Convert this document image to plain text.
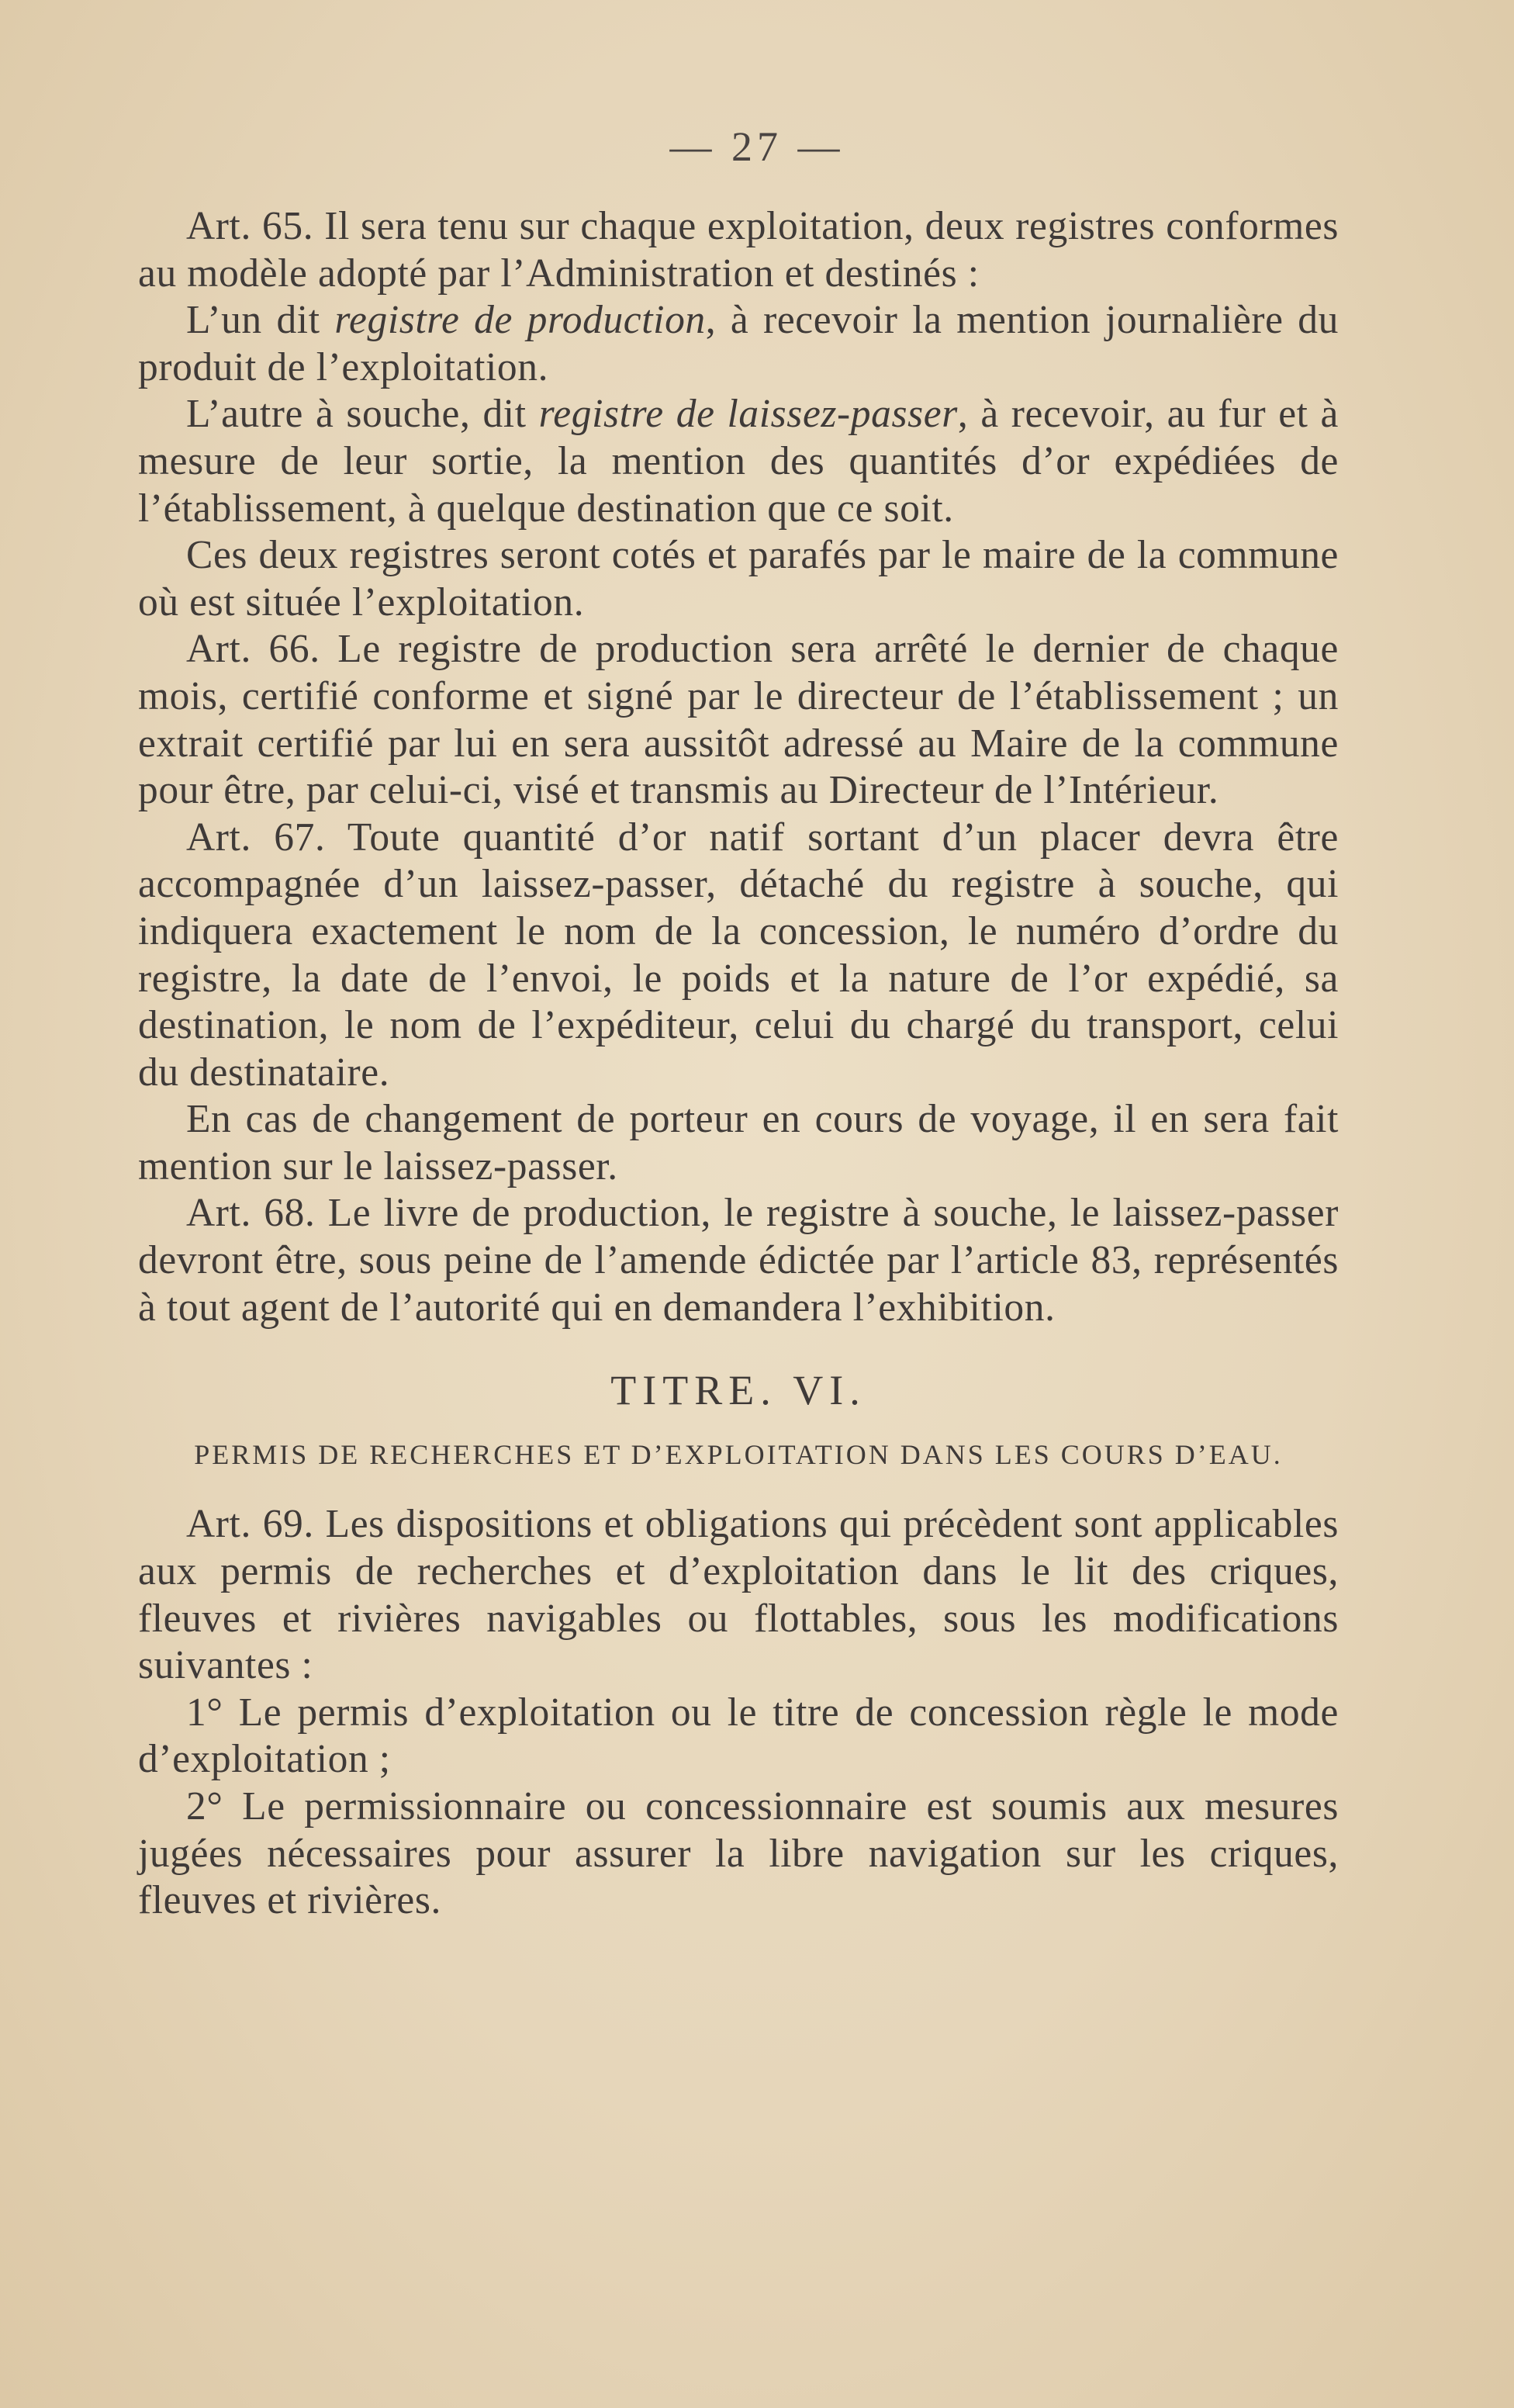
— 27 —

Art. 65. Il sera tenu sur chaque exploitation, deux registres conformes au modèle adopté par l’Administration et destinés :

L’un dit registre de production, à recevoir la mention journalière du produit de l’exploitation.

L’autre à souche, dit registre de laissez-passer, à recevoir, au fur et à mesure de leur sortie, la mention des quantités d’or expédiées de l’établissement, à quelque destination que ce soit.

Ces deux registres seront cotés et parafés par le maire de la commune où est située l’exploitation.

Art. 66. Le registre de production sera arrêté le dernier de chaque mois, certifié conforme et signé par le directeur de l’établissement ; un extrait certifié par lui en sera aussitôt adressé au Maire de la commune pour être, par celui-ci, visé et transmis au Directeur de l’Intérieur.

Art. 67. Toute quantité d’or natif sortant d’un placer devra être accompagnée d’un laissez-passer, détaché du registre à souche, qui indiquera exactement le nom de la concession, le numéro d’ordre du registre, la date de l’envoi, le poids et la nature de l’or expédié, sa destination, le nom de l’expéditeur, celui du chargé du transport, celui du destinataire.

En cas de changement de porteur en cours de voyage, il en sera fait mention sur le laissez-passer.

Art. 68. Le livre de production, le registre à souche, le laissez-passer devront être, sous peine de l’amende édictée par l’article 83, représentés à tout agent de l’autorité qui en demandera l’exhibition.

TITRE. VI.

PERMIS DE RECHERCHES ET D’EXPLOITATION DANS LES COURS D’EAU.

Art. 69. Les dispositions et obligations qui précèdent sont applicables aux permis de recherches et d’exploitation dans le lit des criques, fleuves et rivières navigables ou flottables, sous les modifications suivantes :

1° Le permis d’exploitation ou le titre de concession règle le mode d’exploitation ;

2° Le permissionnaire ou concessionnaire est soumis aux mesures jugées nécessaires pour assurer la libre navigation sur les criques, fleuves et rivières.
